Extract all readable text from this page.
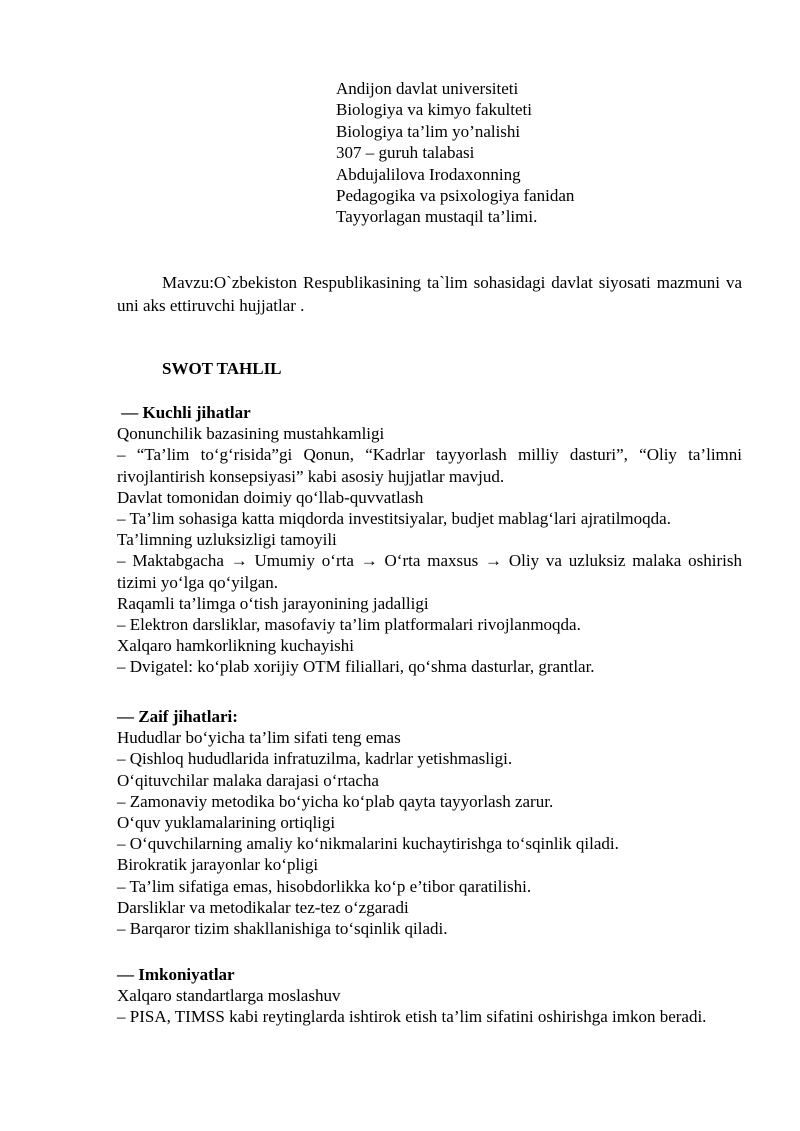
Andijon davlat universiteti
Biologiya va kimyo fakulteti
Biologiya ta’lim yo’nalishi
307 – guruh talabasi
Abdujalilova Irodaxonning
Pedagogika va psixologiya fanidan
Tayyorlagan mustaqil ta’limi.
Mavzu:O`zbekiston Respublikasining ta`lim sohasidagi davlat siyosati mazmuni va uni aks ettiruvchi hujjatlar .
SWOT TAHLIL
— Kuchli jihatlar
Qonunchilik bazasining mustahkamligi
– “Ta’lim to‘g‘risida”gi Qonun, “Kadrlar tayyorlash milliy dasturi”, “Oliy ta’limni rivojlantirish konsepsiyasi” kabi asosiy hujjatlar mavjud.
Davlat tomonidan doimiy qo‘llab-quvvatlash
– Ta’lim sohasiga katta miqdorda investitsiyalar, budjet mablag‘lari ajratilmoqda.
Ta’limning uzluksizligi tamoyili
– Maktabgacha → Umumiy o‘rta → O‘rta maxsus → Oliy va uzluksiz malaka oshirish tizimi yo‘lga qo‘yilgan.
Raqamli ta’limga o‘tish jarayonining jadalligi
– Elektron darsliklar, masofaviy ta’lim platformalari rivojlanmoqda.
Xalqaro hamkorlikning kuchayishi
– Dvigatel: ko‘plab xorijiy OTM filiallari, qo‘shma dasturlar, grantlar.
— Zaif jihatlari:
Hududlar bo‘yicha ta’lim sifati teng emas
– Qishloq hududlarida infratuzilma, kadrlar yetishmasligi.
O‘qituvchilar malaka darajasi o‘rtacha
– Zamonaviy metodika bo‘yicha ko‘plab qayta tayyorlash zarur.
O‘quv yuklamalarining ortiqligi
– O‘quvchilarning amaliy ko‘nikmalarini kuchaytirishga to‘sqinlik qiladi.
Birokratik jarayonlar ko‘pligi
– Ta’lim sifatiga emas, hisobdorlikka ko‘p e’tibor qaratilishi.
Darsliklar va metodikalar tez-tez o‘zgaradi
– Barqaror tizim shakllanishiga to‘sqinlik qiladi.
— Imkoniyatlar
Xalqaro standartlarga moslashuv
– PISA, TIMSS kabi reytinglarda ishtirok etish ta’lim sifatini oshirishga imkon beradi.
